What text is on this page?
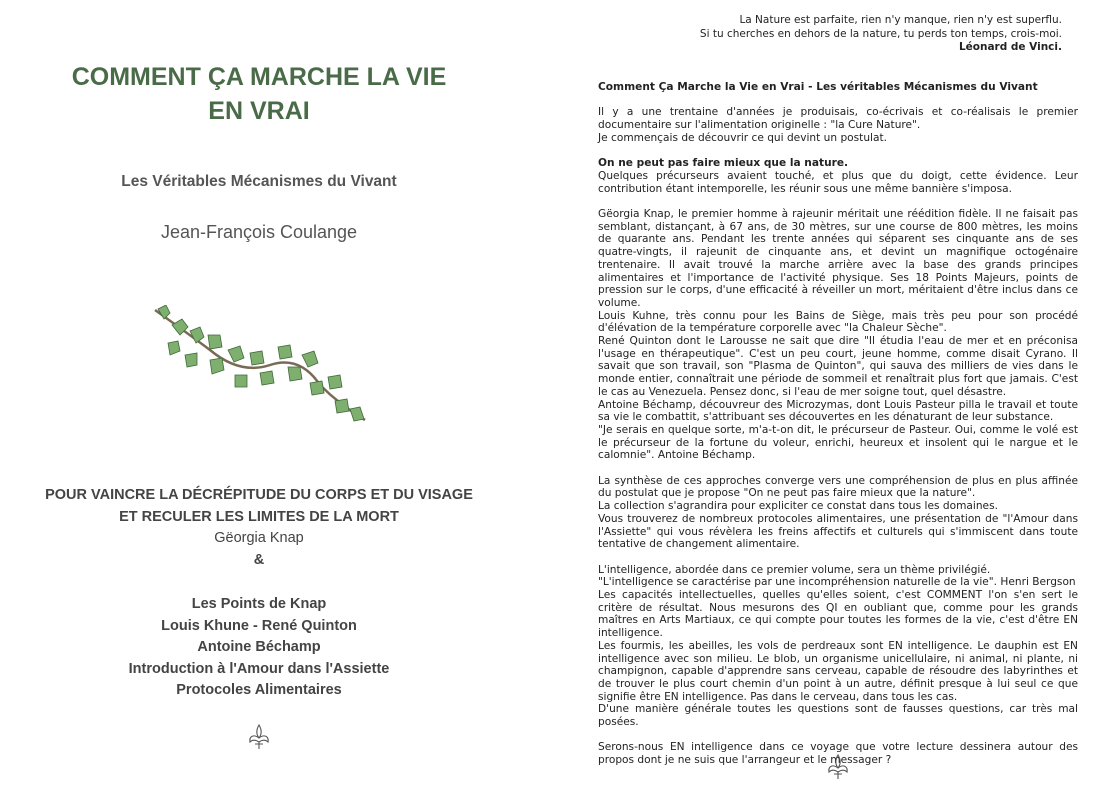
COMMENT ÇA MARCHE LA VIE
EN VRAI
Les Véritables Mécanismes du Vivant
Jean-François Coulange
POUR VAINCRE LA DÉCRÉPITUDE DU CORPS ET DU VISAGE
ET RECULER LES LIMITES DE LA MORT
Gëorgia Knap
&
Les Points de Knap
Louis Khune - René Quinton
Antoine Béchamp
Introduction à l'Amour dans l'Assiette
Protocoles Alimentaires
La Nature est parfaite, rien n'y manque, rien n'y est superflu.
Si tu cherches en dehors de la nature, tu perds ton temps, crois-moi.
Léonard de Vinci.

Comment Ça Marche la Vie en Vrai - Les véritables Mécanismes du Vivant

Il y a une trentaine d'années je produisais, co-écrivais et co-réalisais le premier documentaire sur l'alimentation originelle : "la Cure Nature".

Je commençais de découvrir ce qui devint un postulat.

On ne peut pas faire mieux que la nature.

Quelques précurseurs avaient touché, et plus que du doigt, cette évidence. Leur contribution étant intemporelle, les réunir sous une même bannière s'imposa.

Gëorgia Knap, le premier homme à rajeunir méritait une réédition fidèle. Il ne faisait pas semblant, distançant, à 67 ans, de 30 mètres, sur une course de 800 mètres, les moins de quarante ans. Pendant les trente années qui séparent ses cinquante ans de ses quatre-vingts, il rajeunit de cinquante ans, et devint un magnifique octogénaire trentenaire. Il avait trouvé la marche arrière avec la base des grands principes alimentaires et l'importance de l'activité physique. Ses 18 Points Majeurs, points de pression sur le corps, d'une efficacité à réveiller un mort, méritaient d'être inclus dans ce volume.

Louis Kuhne, très connu pour les Bains de Siège, mais très peu pour son procédé d'élévation de la température corporelle avec "la Chaleur Sèche".

René Quinton dont le Larousse ne sait que dire "Il étudia l'eau de mer et en préconisa l'usage en thérapeutique". C'est un peu court, jeune homme, comme disait Cyrano. Il savait que son travail, son "Plasma de Quinton", qui sauva des milliers de vies dans le monde entier, connaîtrait une période de sommeil et renaîtrait plus fort que jamais. C'est le cas au Venezuela. Pensez donc, si l'eau de mer soigne tout, quel désastre.

Antoine Béchamp, découvreur des Microzymas, dont Louis Pasteur pilla le travail et toute sa vie le combattit, s'attribuant ses découvertes en les dénaturant de leur substance.

"Je serais en quelque sorte, m'a-t-on dit, le précurseur de Pasteur. Oui, comme le volé est le précurseur de la fortune du voleur, enrichi, heureux et insolent qui le nargue et le calomnie". Antoine Béchamp.

La synthèse de ces approches converge vers une compréhension de plus en plus affinée du postulat que je propose "On ne peut pas faire mieux que la nature".

La collection s'agrandira pour expliciter ce constat dans tous les domaines.

Vous trouverez de nombreux protocoles alimentaires, une présentation de "l'Amour dans l'Assiette" qui vous révèlera les freins affectifs et culturels qui s'immiscent dans toute tentative de changement alimentaire.

L'intelligence, abordée dans ce premier volume, sera un thème privilégié.

"L'intelligence se caractérise par une incompréhension naturelle de la vie". Henri Bergson

Les capacités intellectuelles, quelles qu'elles soient, c'est COMMENT l'on s'en sert le critère de résultat. Nous mesurons des QI en oubliant que, comme pour les grands maîtres en Arts Martiaux, ce qui compte pour toutes les formes de la vie, c'est d'être EN intelligence.

Les fourmis, les abeilles, les vols de perdreaux sont EN intelligence. Le dauphin est EN intelligence avec son milieu. Le blob, un organisme unicellulaire, ni animal, ni plante, ni champignon, capable d'apprendre sans cerveau, capable de résoudre des labyrinthes et de trouver le plus court chemin d'un point à un autre, définit presque à lui seul ce que signifie être EN intelligence. Pas dans le cerveau, dans tous les cas.

D'une manière générale toutes les questions sont de fausses questions, car très mal posées.

Serons-nous EN intelligence dans ce voyage que votre lecture dessinera autour des propos dont je ne suis que l'arrangeur et le messager ?
